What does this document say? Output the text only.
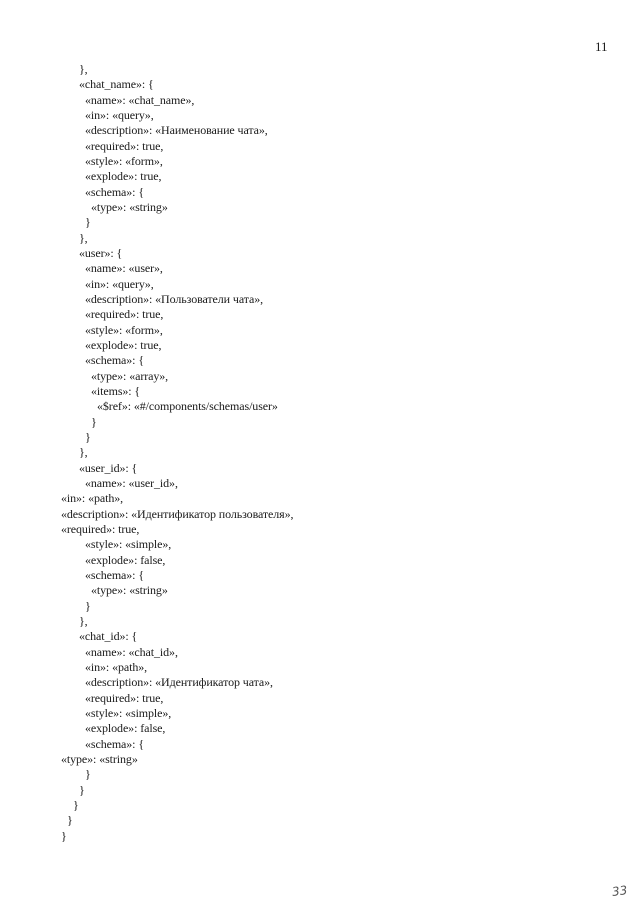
11
},
«chat_name»: {
«name»: «chat_name»,
«in»: «query»,
«description»: «Наименование чата»,
«required»: true,
«style»: «form»,
«explode»: true,
«schema»: {
«type»: «string»
}
},
«user»: {
«name»: «user»,
«in»: «query»,
«description»: «Пользователи чата»,
«required»: true,
«style»: «form»,
«explode»: true,
«schema»: {
«type»: «array»,
«items»: {
«$ref»: «#/components/schemas/user»
}
}
},
«user_id»: {
«name»: «user_id»,
«in»: «path»,
«description»: «Идентификатор пользователя»,
«required»: true,
«style»: «simple»,
«explode»: false,
«schema»: {
«type»: «string»
}
},
«chat_id»: {
«name»: «chat_id»,
«in»: «path»,
«description»: «Идентификатор чата»,
«required»: true,
«style»: «simple»,
«explode»: false,
«schema»: {
«type»: «string»
}
}
}
}
}
33
